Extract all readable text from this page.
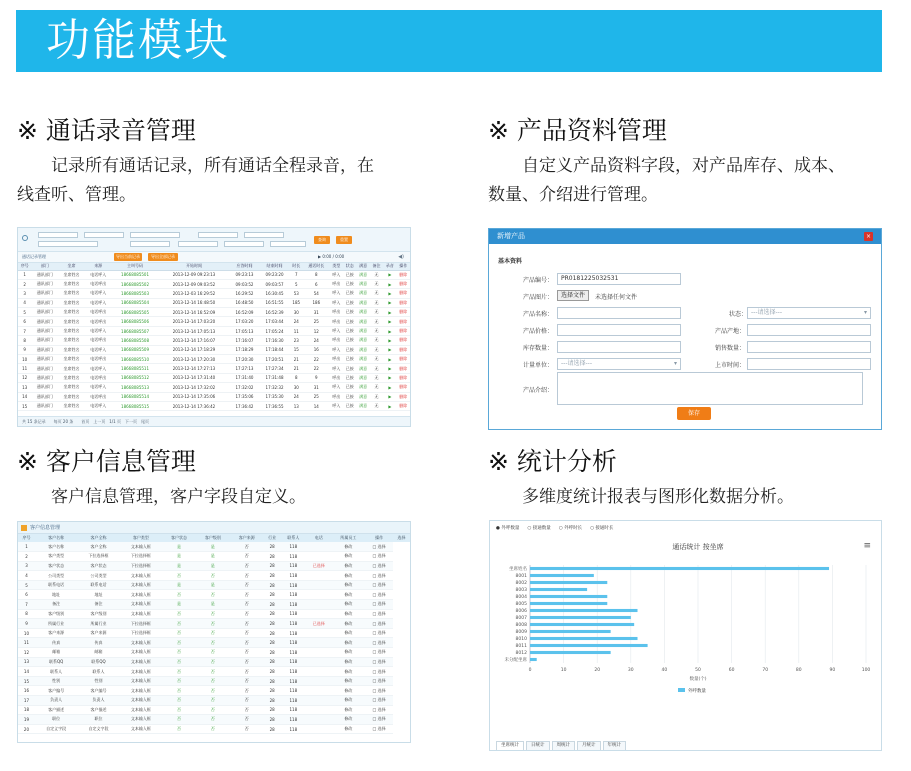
功能模块
※ 通话录音管理
　　记录所有通话记录，所有通话全程录音，在
线查听、管理。
※ 产品资料管理
　　自定义产品资料字段，对产品库存、成本、
数量、介绍进行管理。
※ 客户信息管理
　　客户信息管理，客户字段自定义。
※ 统计分析
　　多维度统计报表与图形化数据分析。
查询	重置
通话记录管理	导出当前记录	导出全部记录	▶ 0:00 / 0:00	◀)
序号	部门	坐席	来源	主叫号码	开始时间	应答时间	结束时间	时长	通话时长	类型	状态	满意	备注	录音	操作
1	通讯部门	坐席姓名	电话呼入	18668085501	2013-12-09 09:23:13	09:23:13	09:23:20	7	8	呼入	已接	满意	无	▶	删除
2	通讯部门	坐席姓名	电话呼出	18668085502	2013-12-09 09:03:52	09:03:52	09:03:57	5	6	呼出	已接	满意	无	▶	删除
3	通讯部门	坐席姓名	电话呼入	18668085503	2013-12-03 16:29:52	16:29:52	16:30:45	53	54	呼入	已接	满意	无	▶	删除
4	通讯部门	坐席姓名	电话呼入	18668085504	2013-12-14 16:48:50	16:48:50	16:51:55	185	186	呼入	已接	满意	无	▶	删除
5	通讯部门	坐席姓名	电话呼出	18668085505	2013-12-14 16:52:09	16:52:09	16:52:39	30	31	呼出	已接	满意	无	▶	删除
6	通讯部门	坐席姓名	电话呼出	18668085506	2013-12-14 17:03:20	17:03:20	17:03:44	24	25	呼出	已接	满意	无	▶	删除
7	通讯部门	坐席姓名	电话呼入	18668085507	2013-12-14 17:05:13	17:05:13	17:05:24	11	12	呼入	已接	满意	无	▶	删除
8	通讯部门	坐席姓名	电话呼出	18668085508	2013-12-14 17:16:07	17:16:07	17:16:30	23	24	呼出	已接	满意	无	▶	删除
9	通讯部门	坐席姓名	电话呼入	18668085509	2013-12-14 17:18:29	17:18:29	17:18:44	15	16	呼入	已接	满意	无	▶	删除
10	通讯部门	坐席姓名	电话呼出	18668085510	2013-12-14 17:20:30	17:20:30	17:20:51	21	22	呼出	已接	满意	无	▶	删除
11	通讯部门	坐席姓名	电话呼入	18668085511	2013-12-14 17:27:13	17:27:13	17:27:34	21	22	呼入	已接	满意	无	▶	删除
12	通讯部门	坐席姓名	电话呼出	18668085512	2013-12-14 17:31:40	17:31:40	17:31:48	8	9	呼出	已接	满意	无	▶	删除
13	通讯部门	坐席姓名	电话呼入	18668085513	2013-12-14 17:32:02	17:32:02	17:32:32	30	31	呼入	已接	满意	无	▶	删除
14	通讯部门	坐席姓名	电话呼出	18668085514	2013-12-14 17:35:06	17:35:06	17:35:30	24	25	呼出	已接	满意	无	▶	删除
15	通讯部门	坐席姓名	电话呼入	18668085515	2013-12-14 17:36:42	17:36:42	17:36:55	13	14	呼入	已接	满意	无	▶	删除
共 15 条记录　　每页 20 条　　首页　上一页　1/1 页　下一页　尾页
新增产品	×
基本资料
产品编号：	PR0181225032531
产品图片：	选择文件	未选择任何文件
产品名称：	状态： ---请选择---	▾
产品价格：	产品产地：
库存数量：	销售数量：
计量单位：	---请选择---	▾	上市时间：
产品介绍：
保存
客户信息管理
序号	客户名称	客户全称	客户类型	客户状态	客户级别	客户来源	行业	联系人	电话	所属员工	操作	选择
1	客户名称	客户全称	文本输入框	是	是	否	28	118		修改	□ 选择	
2	客户类型	下拉选择框	下拉选择框	是	是	否	28	118		修改	□ 选择	
3	客户状态	客户状态	下拉选择框	是	是	否	28	118	已选择	修改	□ 选择	
4	公司类型	公司类型	文本输入框	否	否	否	28	118		修改	□ 选择	
5	联系电话	联系电话	文本输入框	是	是	否	28	118		修改	□ 选择	
6	地址	地址	文本输入框	否	否	否	28	118		修改	□ 选择	
7	备注	备注	文本输入框	是	是	否	28	118		修改	□ 选择	
8	客户级别	客户级别	文本输入框	否	否	否	28	118		修改	□ 选择	
9	所属行业	所属行业	下拉选择框	否	否	否	28	118	已选择	修改	□ 选择	
10	客户来源	客户来源	下拉选择框	否	否	否	28	118		修改	□ 选择	
11	传真	传真	文本输入框	否	否	否	28	118		修改	□ 选择	
12	邮箱	邮箱	文本输入框	否	否	否	28	118		修改	□ 选择	
13	联系QQ	联系QQ	文本输入框	否	否	否	28	118		修改	□ 选择	
14	联系人	联系人	文本输入框	否	否	否	28	118		修改	□ 选择	
15	性别	性别	文本输入框	否	否	否	28	118		修改	□ 选择	
16	客户编号	客户编号	文本输入框	否	否	否	28	118		修改	□ 选择	
17	负责人	负责人	文本输入框	否	否	否	28	118		修改	□ 选择	
18	客户描述	客户描述	文本输入框	否	否	否	28	118		修改	□ 选择	
19	职位	职位	文本输入框	否	否	否	28	118		修改	□ 选择	
20	自定义字段	自定义字段	文本输入框	否	否	否	28	118		修改	□ 选择	
● 外呼数量 ○ 接通数量 ○ 外呼时长 ○ 接通时长
≡
通话统计 按坐席
0	10	20	30	40	50	60	70	80	90	100
坐席姓名
8001
8002
8003
8004
8005
8006
8007
8008
8009
8010
8011
8012
未分配坐席
数量(个)
外呼数量
坐席统计	日统计	周统计	月统计	年统计
